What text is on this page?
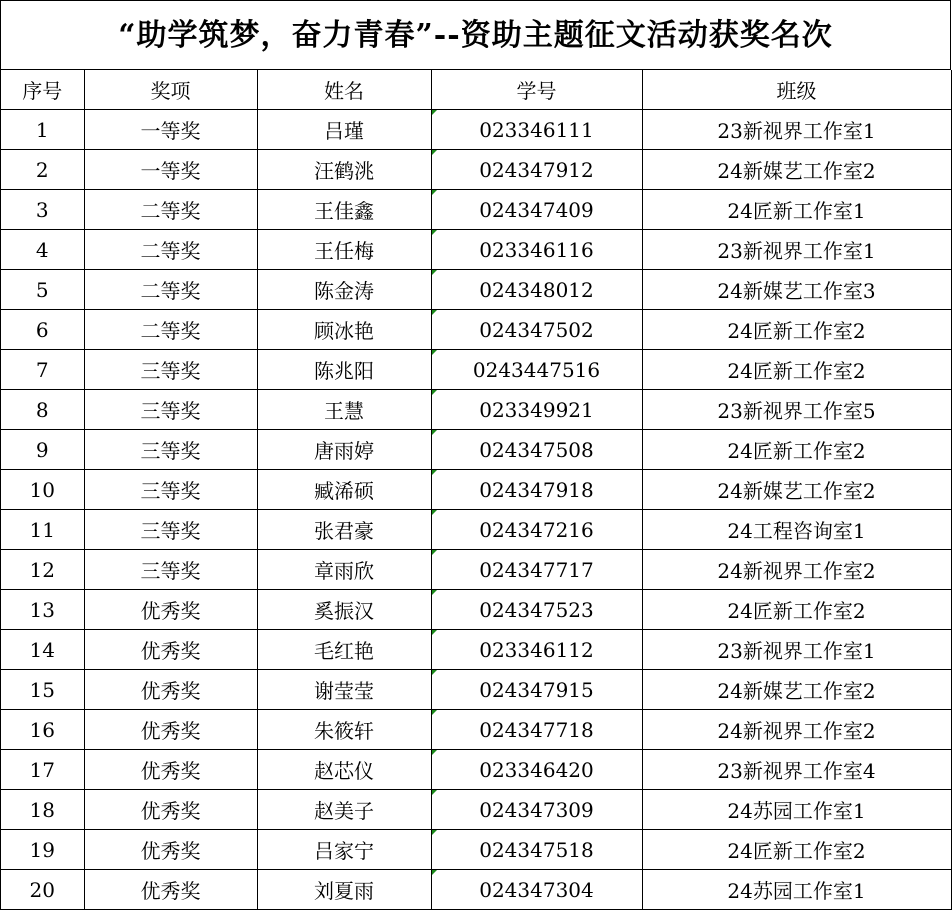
“助学筑梦，奋力青春”--资助主题征文活动获奖名次
序号	奖项	姓名	学号	班级
1	一等奖	吕瑾	023346111	23新视界工作室1
2	一等奖	汪鹤洮	024347912	24新媒艺工作室2
3	二等奖	王佳鑫	024347409	24匠新工作室1
4	二等奖	王任梅	023346116	23新视界工作室1
5	二等奖	陈金涛	024348012	24新媒艺工作室3
6	二等奖	顾冰艳	024347502	24匠新工作室2
7	三等奖	陈兆阳	0243447516	24匠新工作室2
8	三等奖	王慧	023349921	23新视界工作室5
9	三等奖	唐雨婷	024347508	24匠新工作室2
10	三等奖	臧浠硕	024347918	24新媒艺工作室2
11	三等奖	张君豪	024347216	24工程咨询室1
12	三等奖	章雨欣	024347717	24新视界工作室2
13	优秀奖	奚振汉	024347523	24匠新工作室2
14	优秀奖	毛红艳	023346112	23新视界工作室1
15	优秀奖	谢莹莹	024347915	24新媒艺工作室2
16	优秀奖	朱筱轩	024347718	24新视界工作室2
17	优秀奖	赵芯仪	023346420	23新视界工作室4
18	优秀奖	赵美子	024347309	24苏园工作室1
19	优秀奖	吕家宁	024347518	24匠新工作室2
20	优秀奖	刘夏雨	024347304	24苏园工作室1
